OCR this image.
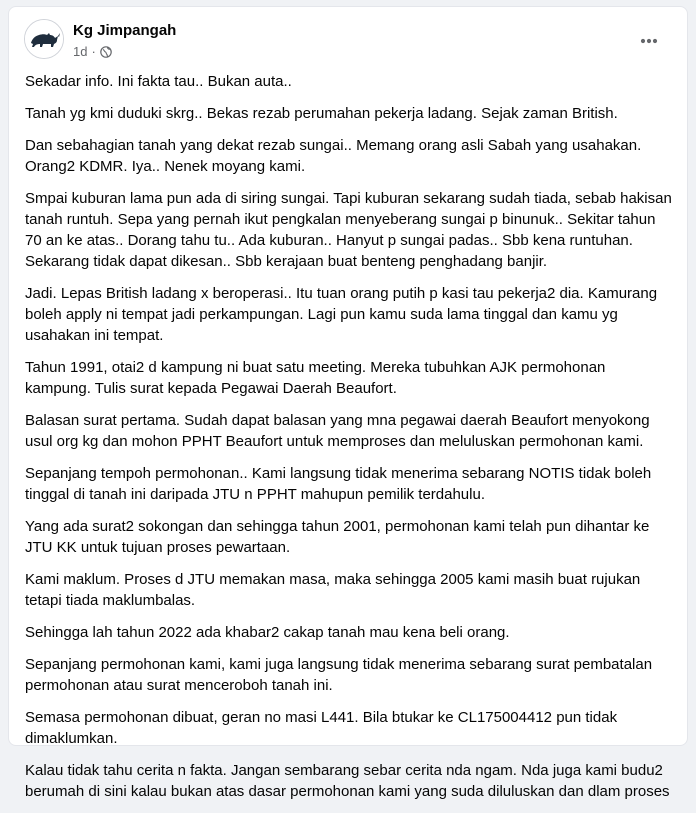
Kg Jimpangah
1d ·

Sekadar info. Ini fakta tau.. Bukan auta..

Tanah yg kmi duduki skrg.. Bekas rezab perumahan pekerja ladang. Sejak zaman British.

Dan sebahagian tanah yang dekat rezab sungai.. Memang orang asli Sabah yang usahakan. Orang2 KDMR. Iya.. Nenek moyang kami.

Smpai kuburan lama pun ada di siring sungai. Tapi kuburan sekarang sudah tiada, sebab hakisan tanah runtuh. Sepa yang pernah ikut pengkalan menyeberang sungai p binunuk.. Sekitar tahun 70 an ke atas.. Dorang tahu tu.. Ada kuburan.. Hanyut p sungai padas.. Sbb kena runtuhan. Sekarang tidak dapat dikesan.. Sbb kerajaan buat benteng penghadang banjir.

Jadi. Lepas British ladang x beroperasi.. Itu tuan orang putih p kasi tau pekerja2 dia. Kamurang boleh apply ni tempat jadi perkampungan. Lagi pun kamu suda lama tinggal dan kamu yg usahakan ini tempat.

Tahun 1991, otai2 d kampung ni buat satu meeting. Mereka tubuhkan AJK permohonan kampung. Tulis surat kepada Pegawai Daerah Beaufort.

Balasan surat pertama. Sudah dapat balasan yang mna pegawai daerah Beaufort menyokong usul org kg dan mohon PPHT Beaufort untuk memproses dan meluluskan permohonan kami.

Sepanjang tempoh permohonan.. Kami langsung tidak menerima sebarang NOTIS tidak boleh tinggal di tanah ini daripada JTU n PPHT mahupun pemilik terdahulu.

Yang ada surat2 sokongan dan sehingga tahun 2001, permohonan kami telah pun dihantar ke JTU KK untuk tujuan proses pewartaan.

Kami maklum. Proses d JTU memakan masa, maka sehingga 2005 kami masih buat rujukan tetapi tiada maklumbalas.

Sehingga lah tahun 2022 ada khabar2 cakap tanah mau kena beli orang.

Sepanjang permohonan kami, kami juga langsung tidak menerima sebarang surat pembatalan permohonan atau surat menceroboh tanah ini.

Semasa permohonan dibuat, geran no masi L441. Bila btukar ke CL175004412 pun tidak dimaklumkan.

Kalau tidak tahu cerita n fakta. Jangan sembarang sebar cerita nda ngam. Nda juga kami budu2 berumah di sini kalau bukan atas dasar permohonan kami yang suda diluluskan dan dlam proses
